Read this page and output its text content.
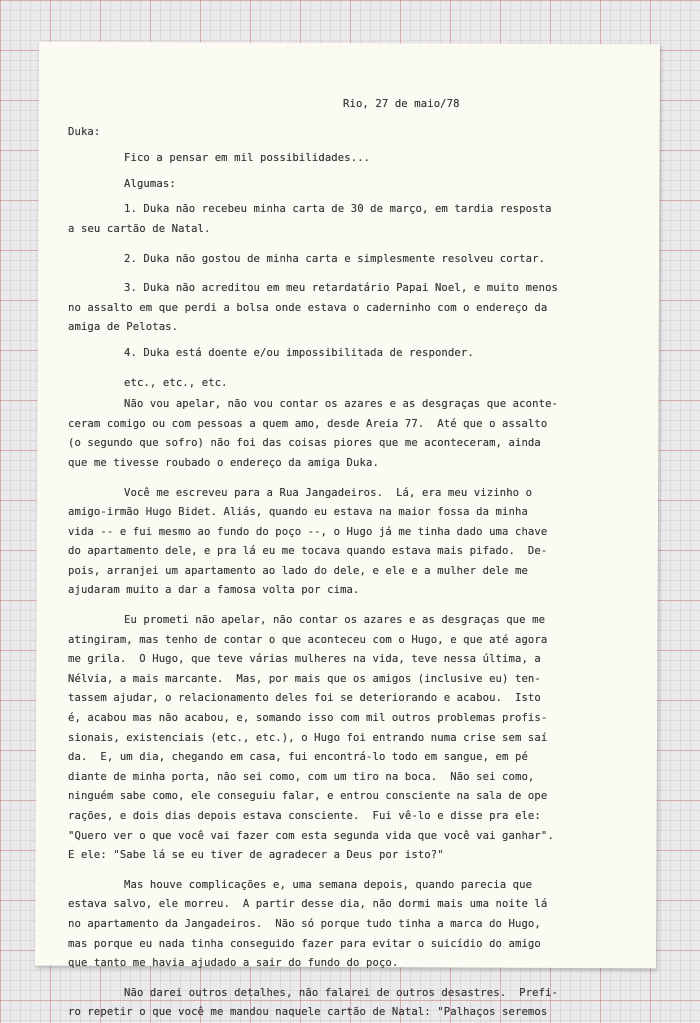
Rio, 27 de maio/78
Duka:
Fico a pensar em mil possibilidades...
Algumas:
1. Duka não recebeu minha carta de 30 de março, em tardia resposta
a seu cartão de Natal.
2. Duka não gostou de minha carta e simplesmente resolveu cortar.
3. Duka não acreditou em meu retardatário Papai Noel, e muito menos
no assalto em que perdi a bolsa onde estava o caderninho com o endereço da
amiga de Pelotas.
4. Duka está doente e/ou impossibilitada de responder.
etc., etc., etc.
Não vou apelar, não vou contar os azares e as desgraças que aconte-
ceram comigo ou com pessoas a quem amo, desde Areia 77.  Até que o assalto
(o segundo que sofro) não foi das coisas piores que me aconteceram, ainda
que me tivesse roubado o endereço da amiga Duka.
Você me escreveu para a Rua Jangadeiros.  Lá, era meu vizinho o
amigo-irmão Hugo Bidet. Aliás, quando eu estava na maior fossa da minha
vida -- e fui mesmo ao fundo do poço --, o Hugo já me tinha dado uma chave
do apartamento dele, e pra lá eu me tocava quando estava mais pifado.  De-
pois, arranjei um apartamento ao lado do dele, e ele e a mulher dele me
ajudaram muito a dar a famosa volta por cima.
Eu prometi não apelar, não contar os azares e as desgraças que me
atingiram, mas tenho de contar o que aconteceu com o Hugo, e que até agora
me grila.  O Hugo, que teve várias mulheres na vida, teve nessa última, a
Nélvia, a mais marcante.  Mas, por mais que os amigos (inclusive eu) ten-
tassem ajudar, o relacionamento deles foi se deteriorando e acabou.  Isto
é, acabou mas não acabou, e, somando isso com mil outros problemas profis-
sionais, existenciais (etc., etc.), o Hugo foi entrando numa crise sem saí
da.  E, um dia, chegando em casa, fui encontrá-lo todo em sangue, em pé
diante de minha porta, não sei como, com um tiro na boca.  Não sei como,
ninguém sabe como, ele conseguiu falar, e entrou consciente na sala de ope
rações, e dois dias depois estava consciente.  Fui vê-lo e disse pra ele:
"Quero ver o que você vai fazer com esta segunda vida que você vai ganhar".
E ele: "Sabe lá se eu tiver de agradecer a Deus por isto?"
Mas houve complicações e, uma semana depois, quando parecia que
estava salvo, ele morreu.  A partir desse dia, não dormi mais uma noite lá
no apartamento da Jangadeiros.  Não só porque tudo tinha a marca do Hugo,
mas porque eu nada tinha conseguido fazer para evitar o suicídio do amigo
que tanto me havia ajudado a sair do fundo do poço.
Não darei outros detalhes, não falarei de outros desastres.  Prefi-
ro repetir o que você me mandou naquele cartão de Natal: "Palhaços seremos
